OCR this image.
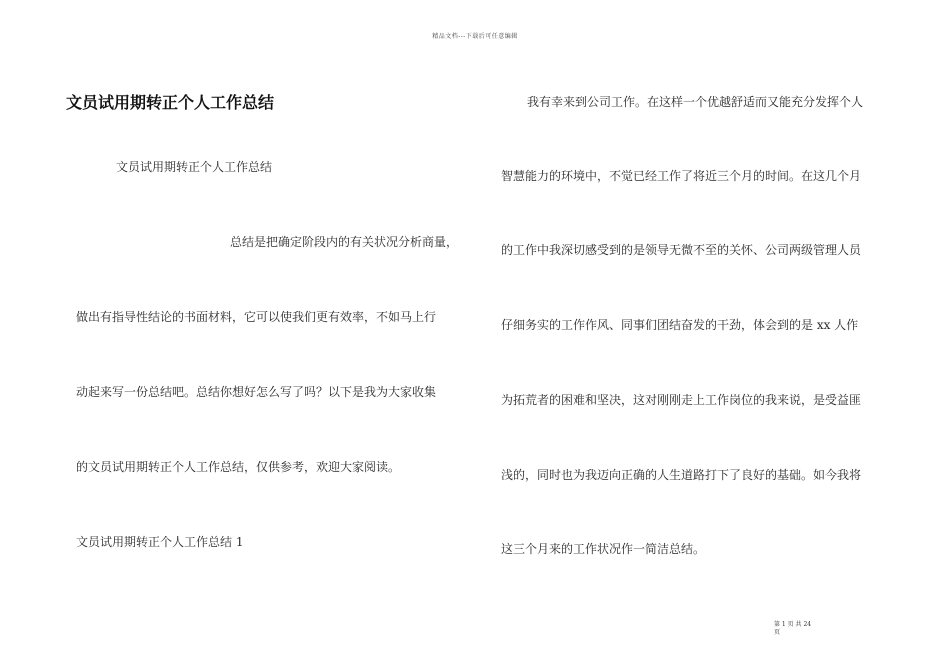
精品文档---下载后可任意编辑
文员试用期转正个人工作总结
文员试用期转正个人工作总结
总结是把确定阶段内的有关状况分析商量，
做出有指导性结论的书面材料，它可以使我们更有效率，不如马上行
动起来写一份总结吧。总结你想好怎么写了吗？以下是我为大家收集
的文员试用期转正个人工作总结，仅供参考，欢迎大家阅读。
文员试用期转正个人工作总结 1
我有幸来到公司工作。在这样一个优越舒适而又能充分发挥个人
智慧能力的环境中，不觉已经工作了将近三个月的时间。在这几个月
的工作中我深切感受到的是领导无微不至的关怀、公司两级管理人员
仔细务实的工作作风、同事们团结奋发的干劲，体会到的是 xx 人作
为拓荒者的困难和坚决，这对刚刚走上工作岗位的我来说，是受益匪
浅的，同时也为我迈向正确的人生道路打下了良好的基础。如今我将
这三个月来的工作状况作一简洁总结。
第 1 页 共 24
页
